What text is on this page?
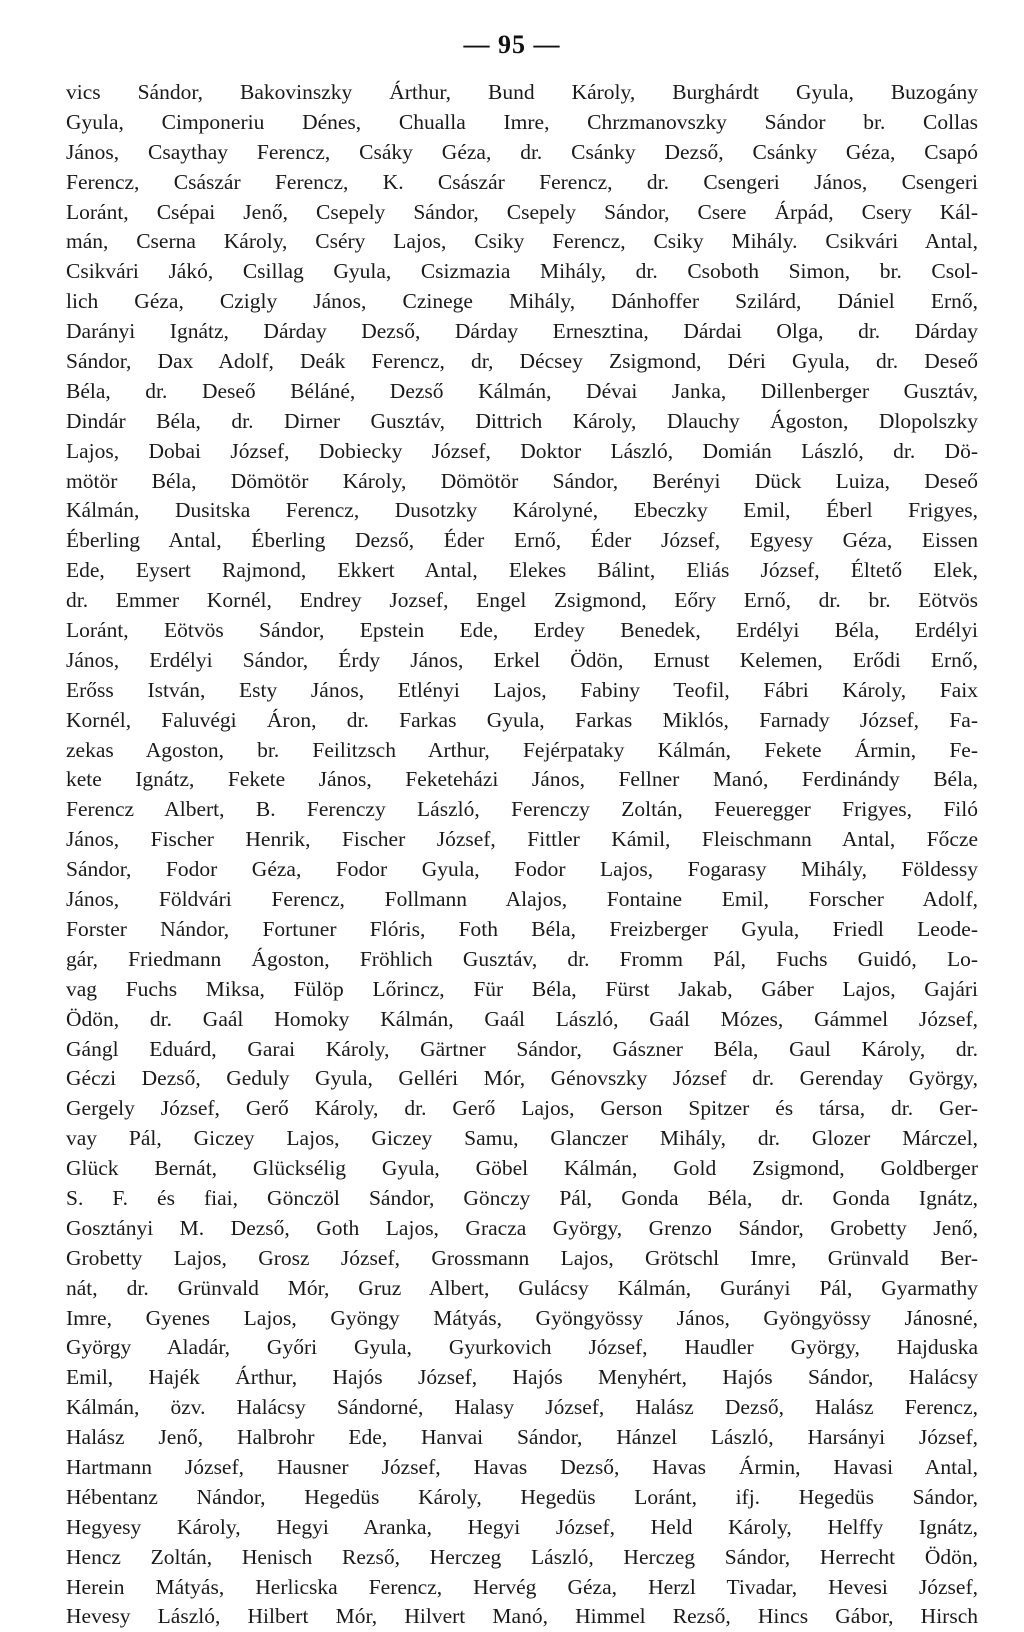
— 95 —
vics Sándor, Bakovinszky Árthur, Bund Károly, Burghárdt Gyula, Buzogány
Gyula, Cimponeriu Dénes, Chualla Imre, Chrzmanovszky Sándor br. Collas
János, Csaythay Ferencz, Csáky Géza, dr. Csánky Dezső, Csánky Géza, Csapó
Ferencz, Császár Ferencz, K. Császár Ferencz, dr. Csengeri János, Csengeri
Loránt, Csépai Jenő, Csepely Sándor, Csepely Sándor, Csere Árpád, Csery Kál-
mán, Cserna Károly, Cséry Lajos, Csiky Ferencz, Csiky Mihály. Csikvári Antal,
Csikvári Jákó, Csillag Gyula, Csizmazia Mihály, dr. Csoboth Simon, br. Csol-
lich Géza, Czigly János, Czinege Mihály, Dánhoffer Szilárd, Dániel Ernő,
Darányi Ignátz, Dárday Dezső, Dárday Ernesztina, Dárdai Olga, dr. Dárday
Sándor, Dax Adolf, Deák Ferencz, dr, Décsey Zsigmond, Déri Gyula, dr. Deseő
Béla, dr. Deseő Béláné, Dezső Kálmán, Dévai Janka, Dillenberger Gusztáv,
Dindár Béla, dr. Dirner Gusztáv, Dittrich Károly, Dlauchy Ágoston, Dlopolszky
Lajos, Dobai József, Dobiecky József, Doktor László, Domián László, dr. Dö-
mötör Béla, Dömötör Károly, Dömötör Sándor, Berényi Dück Luiza, Deseő
Kálmán, Dusitska Ferencz, Dusotzky Károlyné, Ebeczky Emil, Éberl Frigyes,
Éberling Antal, Éberling Dezső, Éder Ernő, Éder József, Egyesy Géza, Eissen
Ede, Eysert Rajmond, Ekkert Antal, Elekes Bálint, Eliás József, Éltető Elek,
dr. Emmer Kornél, Endrey Jozsef, Engel Zsigmond, Eőry Ernő, dr. br. Eötvös
Loránt, Eötvös Sándor, Epstein Ede, Erdey Benedek, Erdélyi Béla, Erdélyi
János, Erdélyi Sándor, Érdy János, Erkel Ödön, Ernust Kelemen, Erődi Ernő,
Erőss István, Esty János, Etlényi Lajos, Fabiny Teofil, Fábri Károly, Faix
Kornél, Faluvégi Áron, dr. Farkas Gyula, Farkas Miklós, Farnady József, Fa-
zekas Agoston, br. Feilitzsch Arthur, Fejérpataky Kálmán, Fekete Ármin, Fe-
kete Ignátz, Fekete János, Feketeházi János, Fellner Manó, Ferdinándy Béla,
Ferencz Albert, B. Ferenczy László, Ferenczy Zoltán, Feueregger Frigyes, Filó
János, Fischer Henrik, Fischer József, Fittler Kámil, Fleischmann Antal, Főcze
Sándor, Fodor Géza, Fodor Gyula, Fodor Lajos, Fogarasy Mihály, Földessy
János, Földvári Ferencz, Follmann Alajos, Fontaine Emil, Forscher Adolf,
Forster Nándor, Fortuner Flóris, Foth Béla, Freizberger Gyula, Friedl Leode-
gár, Friedmann Ágoston, Fröhlich Gusztáv, dr. Fromm Pál, Fuchs Guidó, Lo-
vag Fuchs Miksa, Fülöp Lőrincz, Für Béla, Fürst Jakab, Gáber Lajos, Gajári
Ödön, dr. Gaál Homoky Kálmán, Gaál László, Gaál Mózes, Gámmel József,
Gángl Eduárd, Garai Károly, Gärtner Sándor, Gászner Béla, Gaul Károly, dr.
Géczi Dezső, Geduly Gyula, Gelléri Mór, Génovszky József dr. Gerenday György,
Gergely József, Gerő Károly, dr. Gerő Lajos, Gerson Spitzer és társa, dr. Ger-
vay Pál, Giczey Lajos, Giczey Samu, Glanczer Mihály, dr. Glozer Márczel,
Glück Bernát, Glücksélig Gyula, Göbel Kálmán, Gold Zsigmond, Goldberger
S. F. és fiai, Gönczöl Sándor, Gönczy Pál, Gonda Béla, dr. Gonda Ignátz,
Gosztányi M. Dezső, Goth Lajos, Gracza György, Grenzo Sándor, Grobetty Jenő,
Grobetty Lajos, Grosz József, Grossmann Lajos, Grötschl Imre, Grünvald Ber-
nát, dr. Grünvald Mór, Gruz Albert, Gulácsy Kálmán, Gurányi Pál, Gyarmathy
Imre, Gyenes Lajos, Gyöngy Mátyás, Gyöngyössy János, Gyöngyössy Jánosné,
György Aladár, Győri Gyula, Gyurkovich József, Haudler György, Hajduska
Emil, Hajék Árthur, Hajós József, Hajós Menyhért, Hajós Sándor, Halácsy
Kálmán, özv. Halácsy Sándorné, Halasy József, Halász Dezső, Halász Ferencz,
Halász Jenő, Halbrohr Ede, Hanvai Sándor, Hánzel László, Harsányi József,
Hartmann József, Hausner József, Havas Dezső, Havas Ármin, Havasi Antal,
Hébentanz Nándor, Hegedüs Károly, Hegedüs Loránt, ifj. Hegedüs Sándor,
Hegyesy Károly, Hegyi Aranka, Hegyi József, Held Károly, Helffy Ignátz,
Hencz Zoltán, Henisch Rezső, Herczeg László, Herczeg Sándor, Herrecht Ödön,
Herein Mátyás, Herlicska Ferencz, Hervég Géza, Herzl Tivadar, Hevesi József,
Hevesy László, Hilbert Mór, Hilvert Manó, Himmel Rezső, Hincs Gábor, Hirsch
